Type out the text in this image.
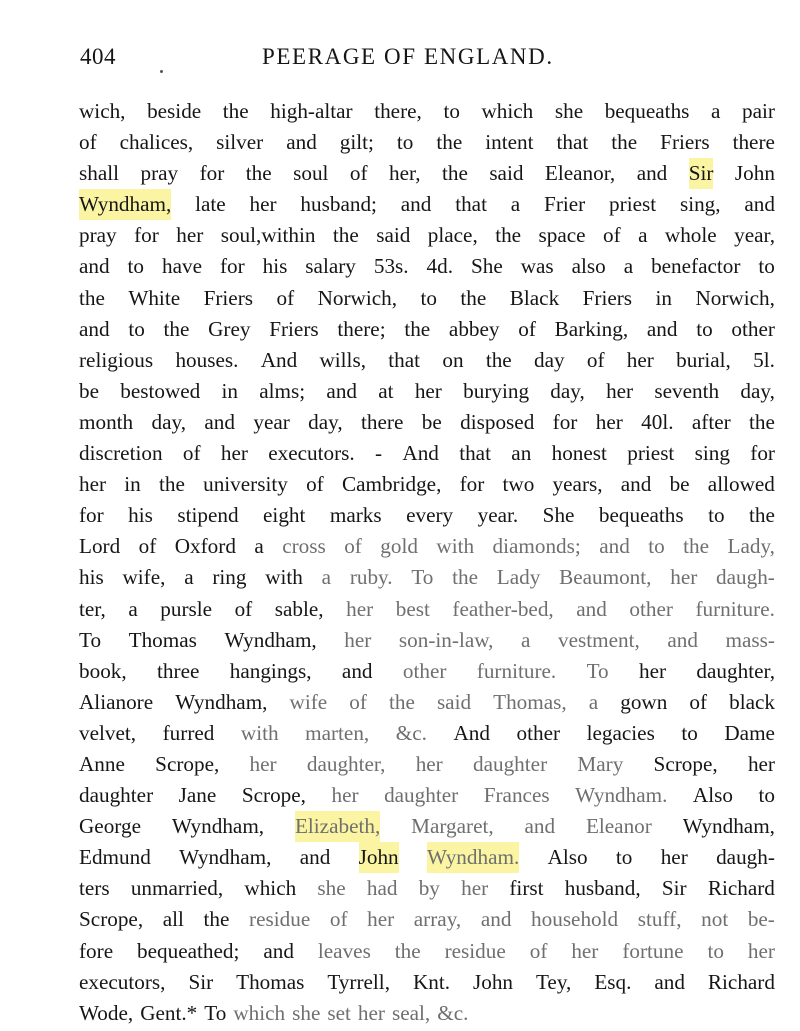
404	PEERAGE OF ENGLAND.
wich, beside the high-altar there, to which she bequeaths a pair
of chalices, silver and gilt; to the intent that the Friers there
shall pray for the soul of her, the said Eleanor, and Sir John
Wyndham, late her husband; and that a Frier priest sing, and
pray for her soul,within the said place, the space of a whole year,
and to have for his salary 53s. 4d. She was also a benefactor to
the White Friers of Norwich, to the Black Friers in Norwich,
and to the Grey Friers there; the abbey of Barking, and to other
religious houses. And wills, that on the day of her burial, 5l.
be bestowed in alms; and at her burying day, her seventh day,
month day, and year day, there be disposed for her 40l. after the
discretion of her executors. - And that an honest priest sing for
her in the university of Cambridge, for two years, and be allowed
for his stipend eight marks every year. She bequeaths to the
Lord of Oxford a cross of gold with diamonds; and to the Lady,
his wife, a ring with a ruby. To the Lady Beaumont, her daugh-
ter, a pursle of sable, her best feather-bed, and other furniture.
To Thomas Wyndham, her son-in-law, a vestment, and mass-
book, three hangings, and other furniture. To her daughter,
Alianore Wyndham, wife of the said Thomas, a gown of black
velvet, furred with marten, &c. And other legacies to Dame
Anne Scrope, her daughter, her daughter Mary Scrope, her
daughter Jane Scrope, her daughter Frances Wyndham. Also to
George Wyndham, Elizabeth, Margaret, and Eleanor Wyndham,
Edmund Wyndham, and John Wyndham. Also to her daugh-
ters unmarried, which she had by her first husband, Sir Richard
Scrope, all the residue of her array, and household stuff, not be-
fore bequeathed; and leaves the residue of her fortune to her
executors, Sir Thomas Tyrrell, Knt. John Tey, Esq. and Richard
Wode, Gent.* To which she set her seal, &c.
